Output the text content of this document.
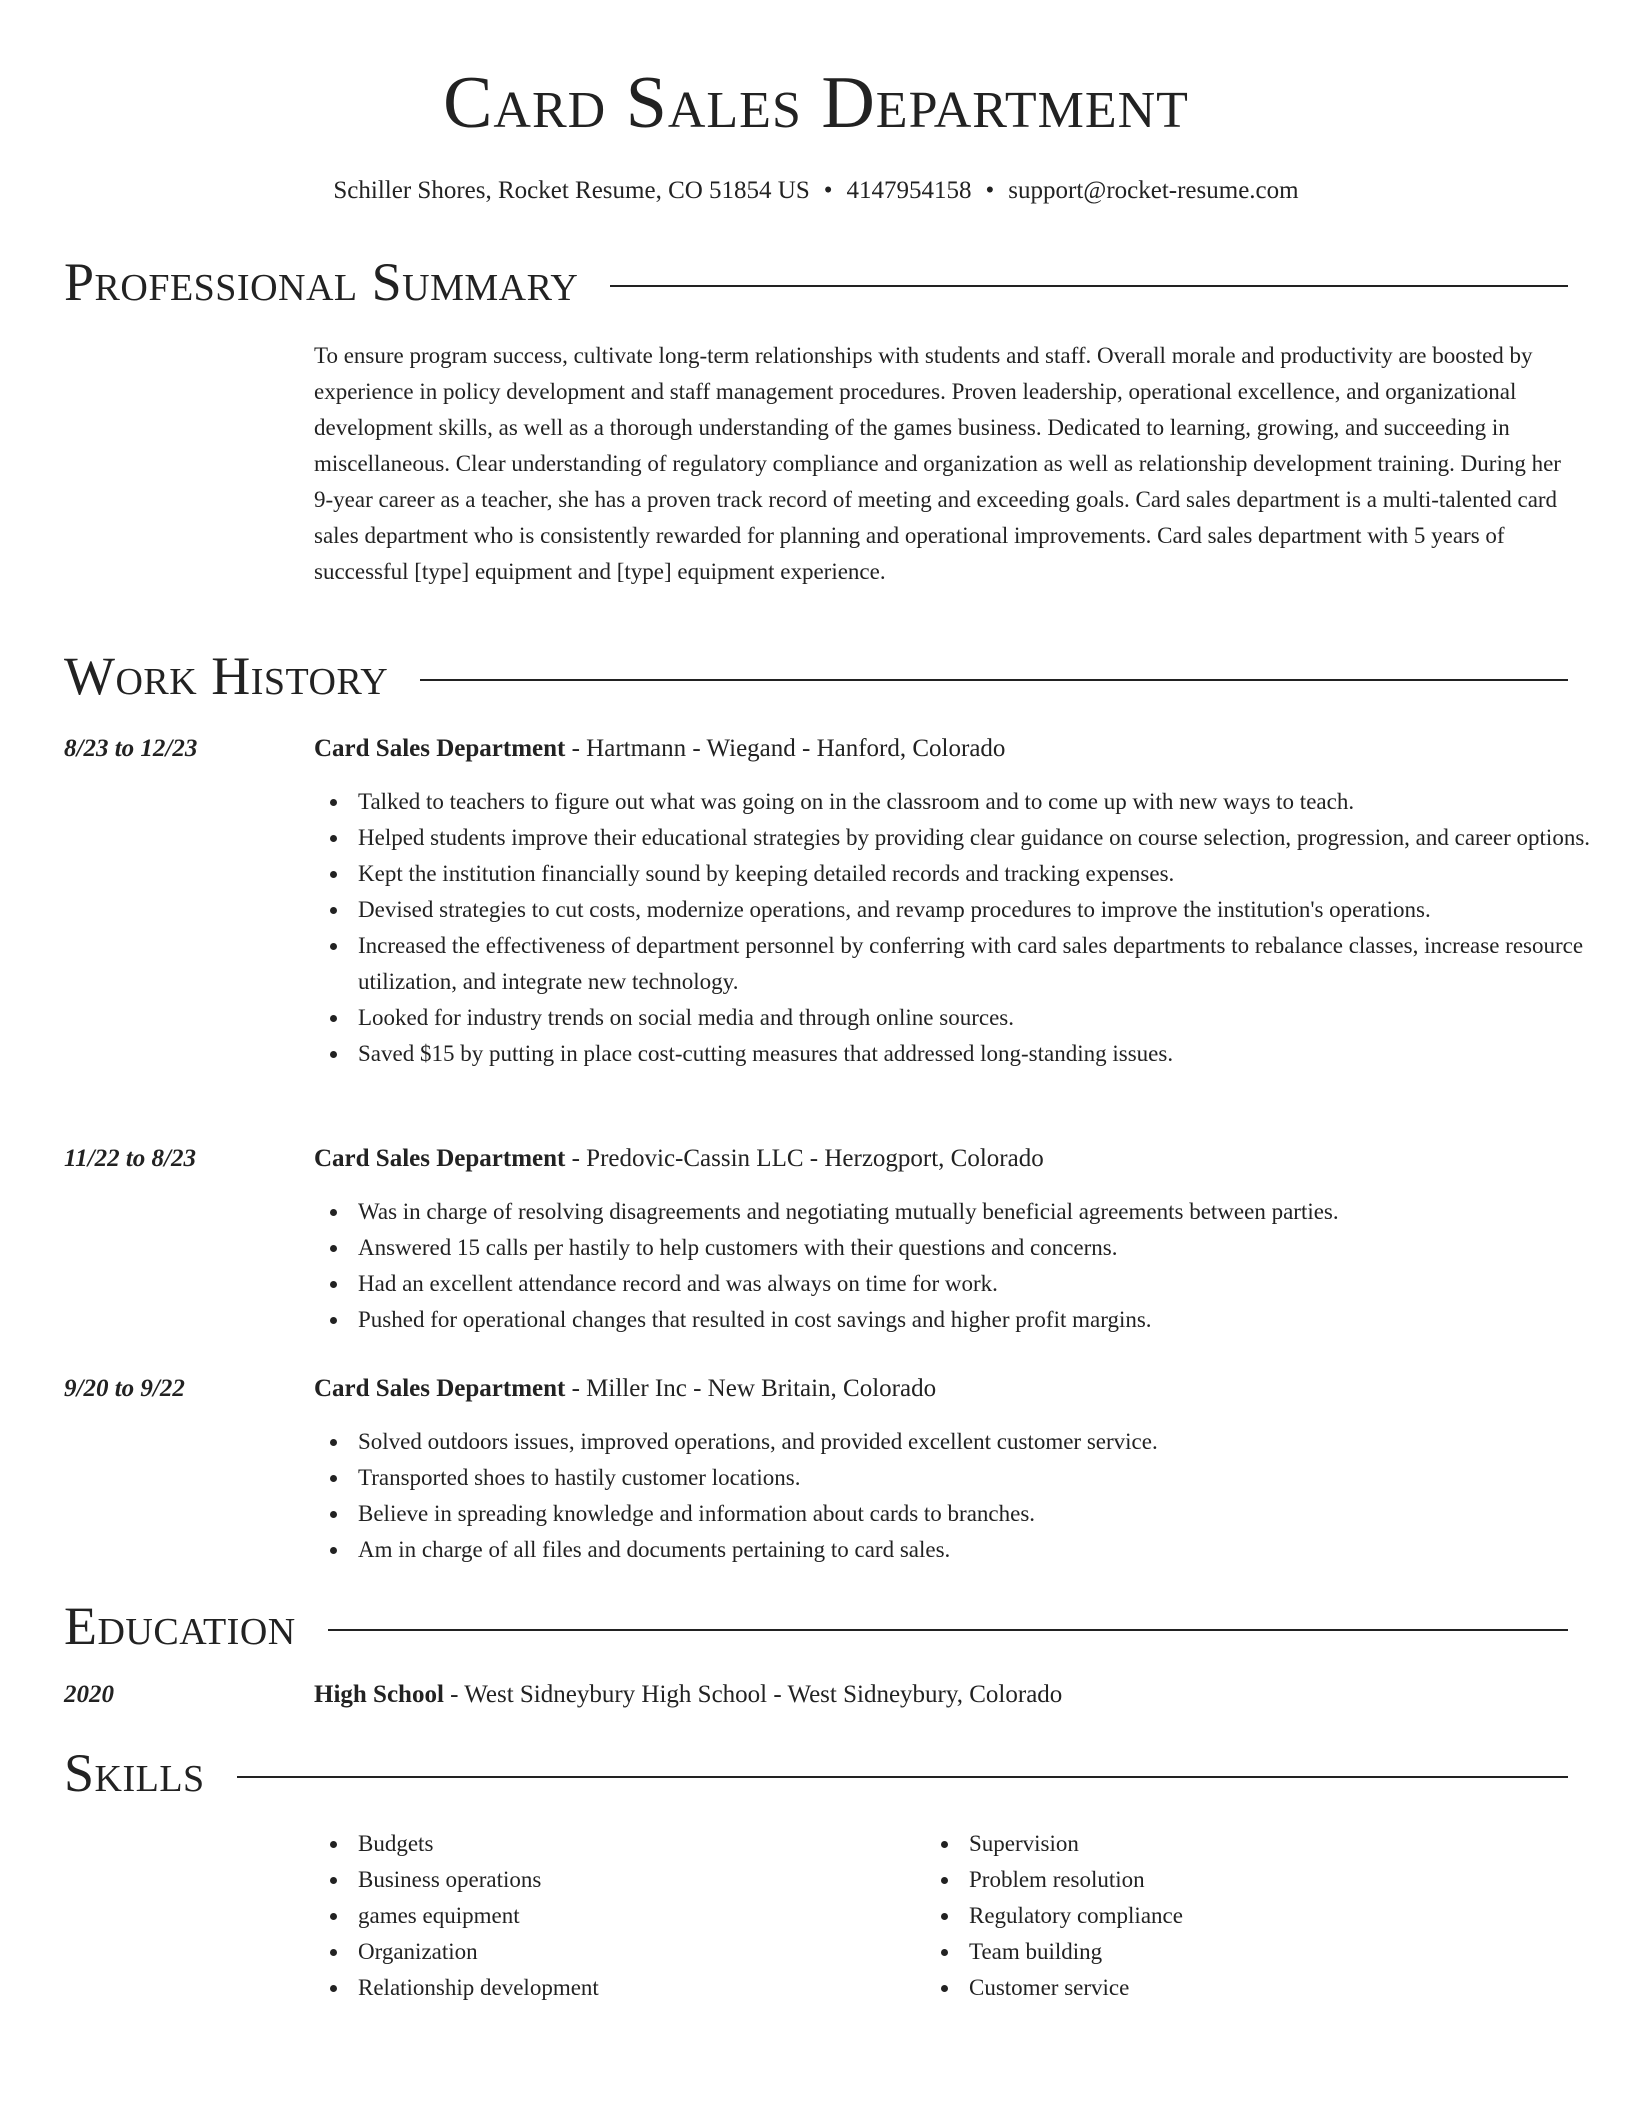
Card Sales Department
Schiller Shores, Rocket Resume, CO 51854 US • 4147954158 • support@rocket-resume.com
Professional Summary
To ensure program success, cultivate long-term relationships with students and staff. Overall morale and productivity are boosted by experience in policy development and staff management procedures. Proven leadership, operational excellence, and organizational development skills, as well as a thorough understanding of the games business. Dedicated to learning, growing, and succeeding in miscellaneous. Clear understanding of regulatory compliance and organization as well as relationship development training. During her 9-year career as a teacher, she has a proven track record of meeting and exceeding goals. Card sales department is a multi-talented card sales department who is consistently rewarded for planning and operational improvements. Card sales department with 5 years of successful [type] equipment and [type] equipment experience.
Work History
8/23 to 12/23	Card Sales Department - Hartmann - Wiegand - Hanford, Colorado
Talked to teachers to figure out what was going on in the classroom and to come up with new ways to teach.
Helped students improve their educational strategies by providing clear guidance on course selection, progression, and career options.
Kept the institution financially sound by keeping detailed records and tracking expenses.
Devised strategies to cut costs, modernize operations, and revamp procedures to improve the institution's operations.
Increased the effectiveness of department personnel by conferring with card sales departments to rebalance classes, increase resource utilization, and integrate new technology.
Looked for industry trends on social media and through online sources.
Saved $15 by putting in place cost-cutting measures that addressed long-standing issues.
11/22 to 8/23	Card Sales Department - Predovic-Cassin LLC - Herzogport, Colorado
Was in charge of resolving disagreements and negotiating mutually beneficial agreements between parties.
Answered 15 calls per hastily to help customers with their questions and concerns.
Had an excellent attendance record and was always on time for work.
Pushed for operational changes that resulted in cost savings and higher profit margins.
9/20 to 9/22	Card Sales Department - Miller Inc - New Britain, Colorado
Solved outdoors issues, improved operations, and provided excellent customer service.
Transported shoes to hastily customer locations.
Believe in spreading knowledge and information about cards to branches.
Am in charge of all files and documents pertaining to card sales.
Education
2020	High School - West Sidneybury High School - West Sidneybury, Colorado
Skills
Budgets
Business operations
games equipment
Organization
Relationship development
Supervision
Problem resolution
Regulatory compliance
Team building
Customer service
